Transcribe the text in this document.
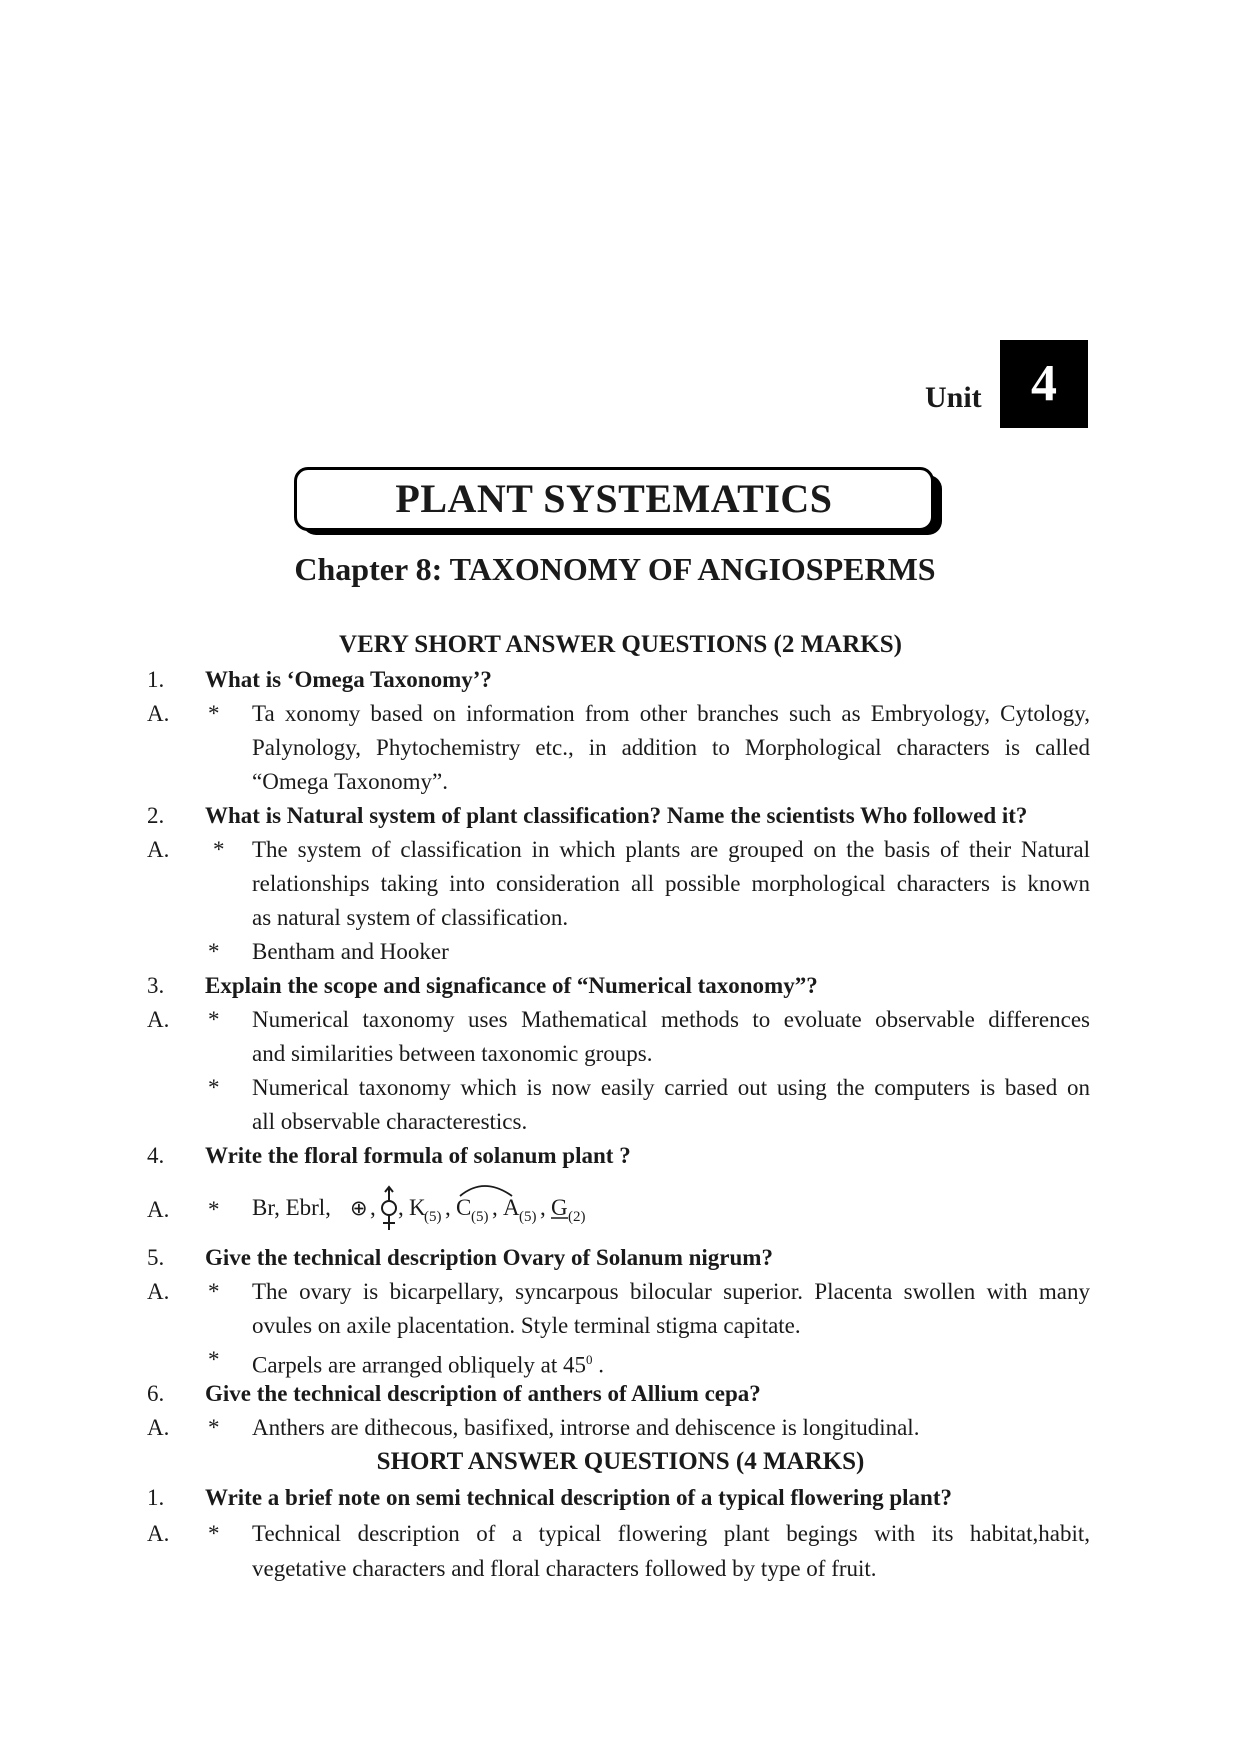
Unit 4
PLANT SYSTEMATICS
Chapter 8: TAXONOMY OF ANGIOSPERMS
VERY SHORT ANSWER QUESTIONS (2 MARKS)
1. What is ‘Omega Taxonomy’?
A. * Ta xonomy based on information from other branches such as Embryology, Cytology,
Palynology, Phytochemistry etc., in addition to Morphological characters is called
“Omega Taxonomy”.
2. What is Natural system of plant classification? Name the scientists Who followed it?
A. * The system of classification in which plants are grouped on the basis of their Natural
relationships taking into consideration all possible morphological characters is known
as natural system of classification.
* Bentham and Hooker
3. Explain the scope and signaficance of “Numerical taxonomy”?
A. * Numerical taxonomy uses Mathematical methods to evoluate observable differences
and similarities between taxonomic groups.
* Numerical taxonomy which is now easily carried out using the computers is based on
all observable characterestics.
4. Write the floral formula of solanum plant ?
A. * Br, Ebrl, ⊕ , , K
(5) , C (5) , A (5) , G (2)
5. Give the technical description Ovary of Solanum nigrum?
A. * The ovary is bicarpellary, syncarpous bilocular superior. Placenta swollen with many
ovules on axile placentation. Style terminal stigma capitate.
* Carpels are arranged obliquely at $45^0$ .
6. Give the technical description of anthers of Allium cepa?
A. * Anthers are dithecous, basifixed, introrse and dehiscence is longitudinal.
SHORT ANSWER QUESTIONS (4 MARKS)
1. Write a brief note on semi technical description of a typical flowering plant?
A. * Technical description of a typical flowering plant begings with its habitat,habit,
vegetative characters and floral characters followed by type of fruit.
